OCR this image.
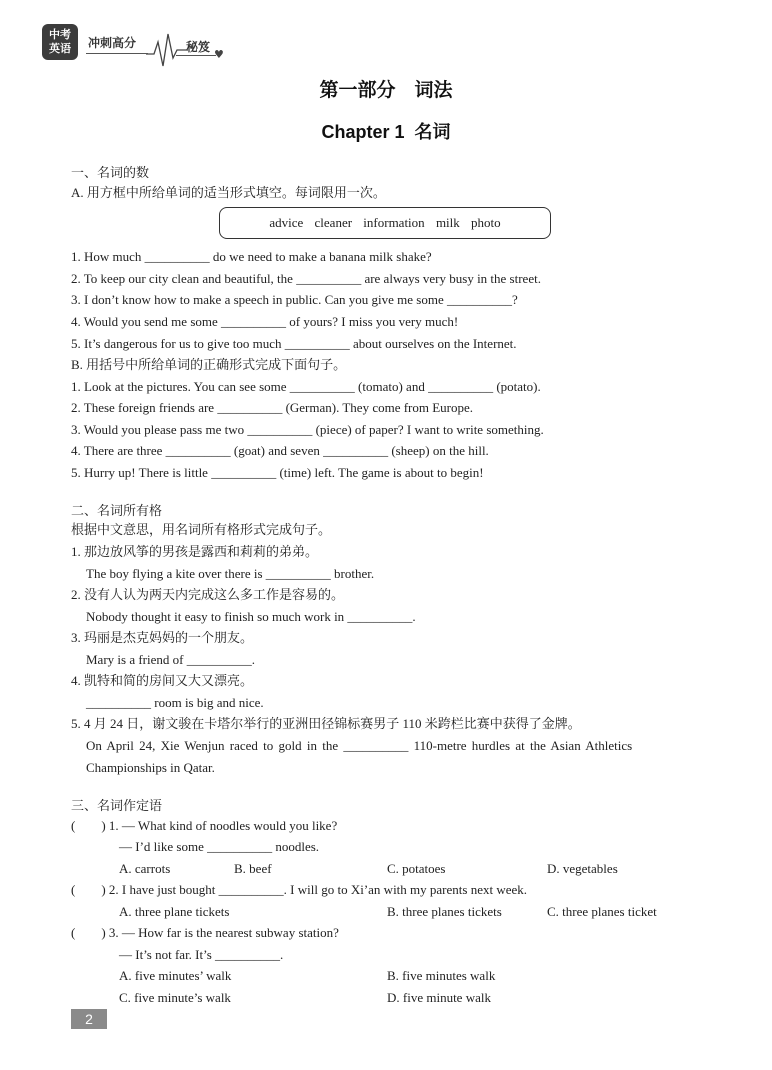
中考
英语	冲刺高分	秘笈
♥
第一部分　词法
Chapter 1 名词
一、名词的数
A. 用方框中所给单词的适当形式填空。每词限用一次。
advice cleaner information milk photo
1. How much __________ do we need to make a banana milk shake?
2. To keep our city clean and beautiful, the __________ are always very busy in the street.
3. I don’t know how to make a speech in public. Can you give me some __________?
4. Would you send me some __________ of yours? I miss you very much!
5. It’s dangerous for us to give too much __________ about ourselves on the Internet.
B. 用括号中所给单词的正确形式完成下面句子。
1. Look at the pictures. You can see some __________ (tomato) and __________ (potato).
2. These foreign friends are __________ (German). They come from Europe.
3. Would you please pass me two __________ (piece) of paper? I want to write something.
4. There are three __________ (goat) and seven __________ (sheep) on the hill.
5. Hurry up! There is little __________ (time) left. The game is about to begin!
二、名词所有格
根据中文意思，用名词所有格形式完成句子。
1. 那边放风筝的男孩是露西和莉莉的弟弟。
The boy flying a kite over there is __________ brother.
2. 没有人认为两天内完成这么多工作是容易的。
Nobody thought it easy to finish so much work in __________.
3. 玛丽是杰克妈妈的一个朋友。
Mary is a friend of __________.
4. 凯特和简的房间又大又漂亮。
__________ room is big and nice.
5. 4 月 24 日，谢文骏在卡塔尔举行的亚洲田径锦标赛男子 110 米跨栏比赛中获得了金牌。
On April 24, Xie Wenjun raced to gold in the __________ 110-metre hurdles at the Asian Athletics
Championships in Qatar.
三、名词作定语
(　　) 1. — What kind of noodles would you like?
— I’d like some __________ noodles.
A. carrots	B. beef	C. potatoes	D. vegetables
(　　) 2. I have just bought __________. I will go to Xi’an with my parents next week.
A. three plane tickets	B. three planes tickets	C. three planes ticket
(　　) 3. — How far is the nearest subway station?
— It’s not far. It’s __________.
A. five minutes’ walk	B. five minutes walk
C. five minute’s walk	D. five minute walk
2
